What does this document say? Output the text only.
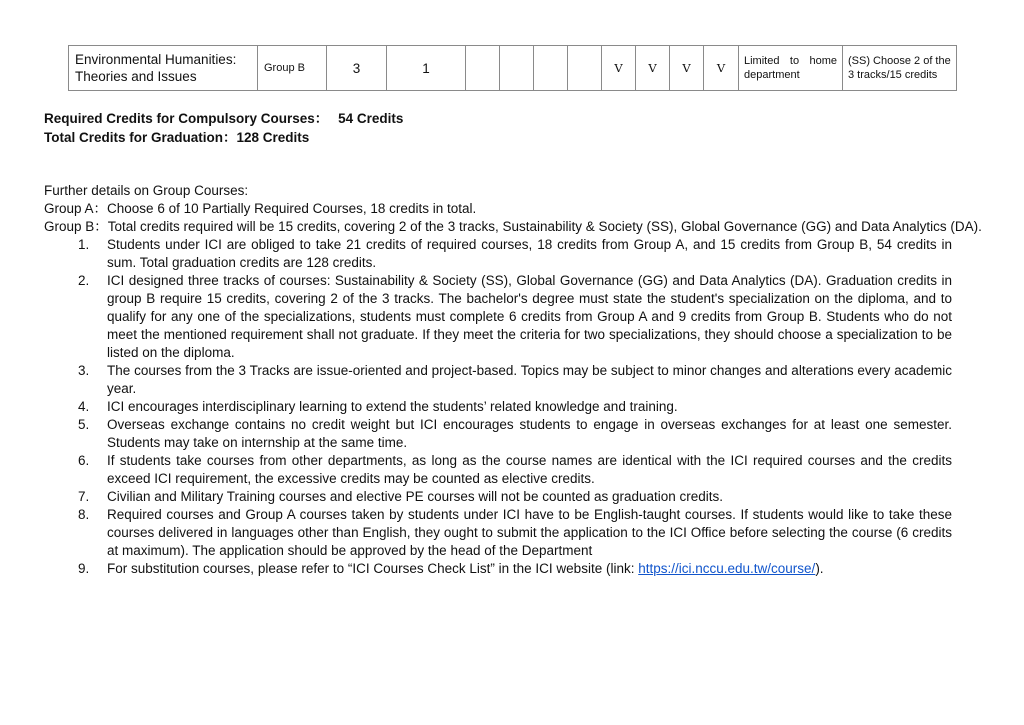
Environmental Humanities: Theories and Issues	Group B	3	1					V	V	V	V	Limited to home department	(SS) Choose 2 of the 3 tracks/15 credits
Required Credits for Compulsory Courses： 54 Credits
Total Credits for Graduation：128 Credits
Further details on Group Courses:
Group A：Choose 6 of 10 Partially Required Courses, 18 credits in total.
Group B：Total credits required will be 15 credits, covering 2 of the 3 tracks, Sustainability & Society (SS), Global Governance (GG) and Data Analytics (DA).
1. Students under ICI are obliged to take 21 credits of required courses, 18 credits from Group A, and 15 credits from Group B, 54 credits in sum. Total graduation credits are 128 credits.
2. ICI designed three tracks of courses: Sustainability & Society (SS), Global Governance (GG) and Data Analytics (DA). Graduation credits in group B require 15 credits, covering 2 of the 3 tracks. The bachelor's degree must state the student's specialization on the diploma, and to qualify for any one of the specializations, students must complete 6 credits from Group A and 9 credits from Group B. Students who do not meet the mentioned requirement shall not graduate. If they meet the criteria for two specializations, they should choose a specialization to be listed on the diploma.
3. The courses from the 3 Tracks are issue-oriented and project-based. Topics may be subject to minor changes and alterations every academic year.
4. ICI encourages interdisciplinary learning to extend the students’ related knowledge and training.
5. Overseas exchange contains no credit weight but ICI encourages students to engage in overseas exchanges for at least one semester. Students may take on internship at the same time.
6. If students take courses from other departments, as long as the course names are identical with the ICI required courses and the credits exceed ICI requirement, the excessive credits may be counted as elective credits.
7. Civilian and Military Training courses and elective PE courses will not be counted as graduation credits.
8. Required courses and Group A courses taken by students under ICI have to be English-taught courses. If students would like to take these courses delivered in languages other than English, they ought to submit the application to the ICI Office before selecting the course (6 credits at maximum). The application should be approved by the head of the Department
9. For substitution courses, please refer to “ICI Courses Check List” in the ICI website (link: https://ici.nccu.edu.tw/course/).
